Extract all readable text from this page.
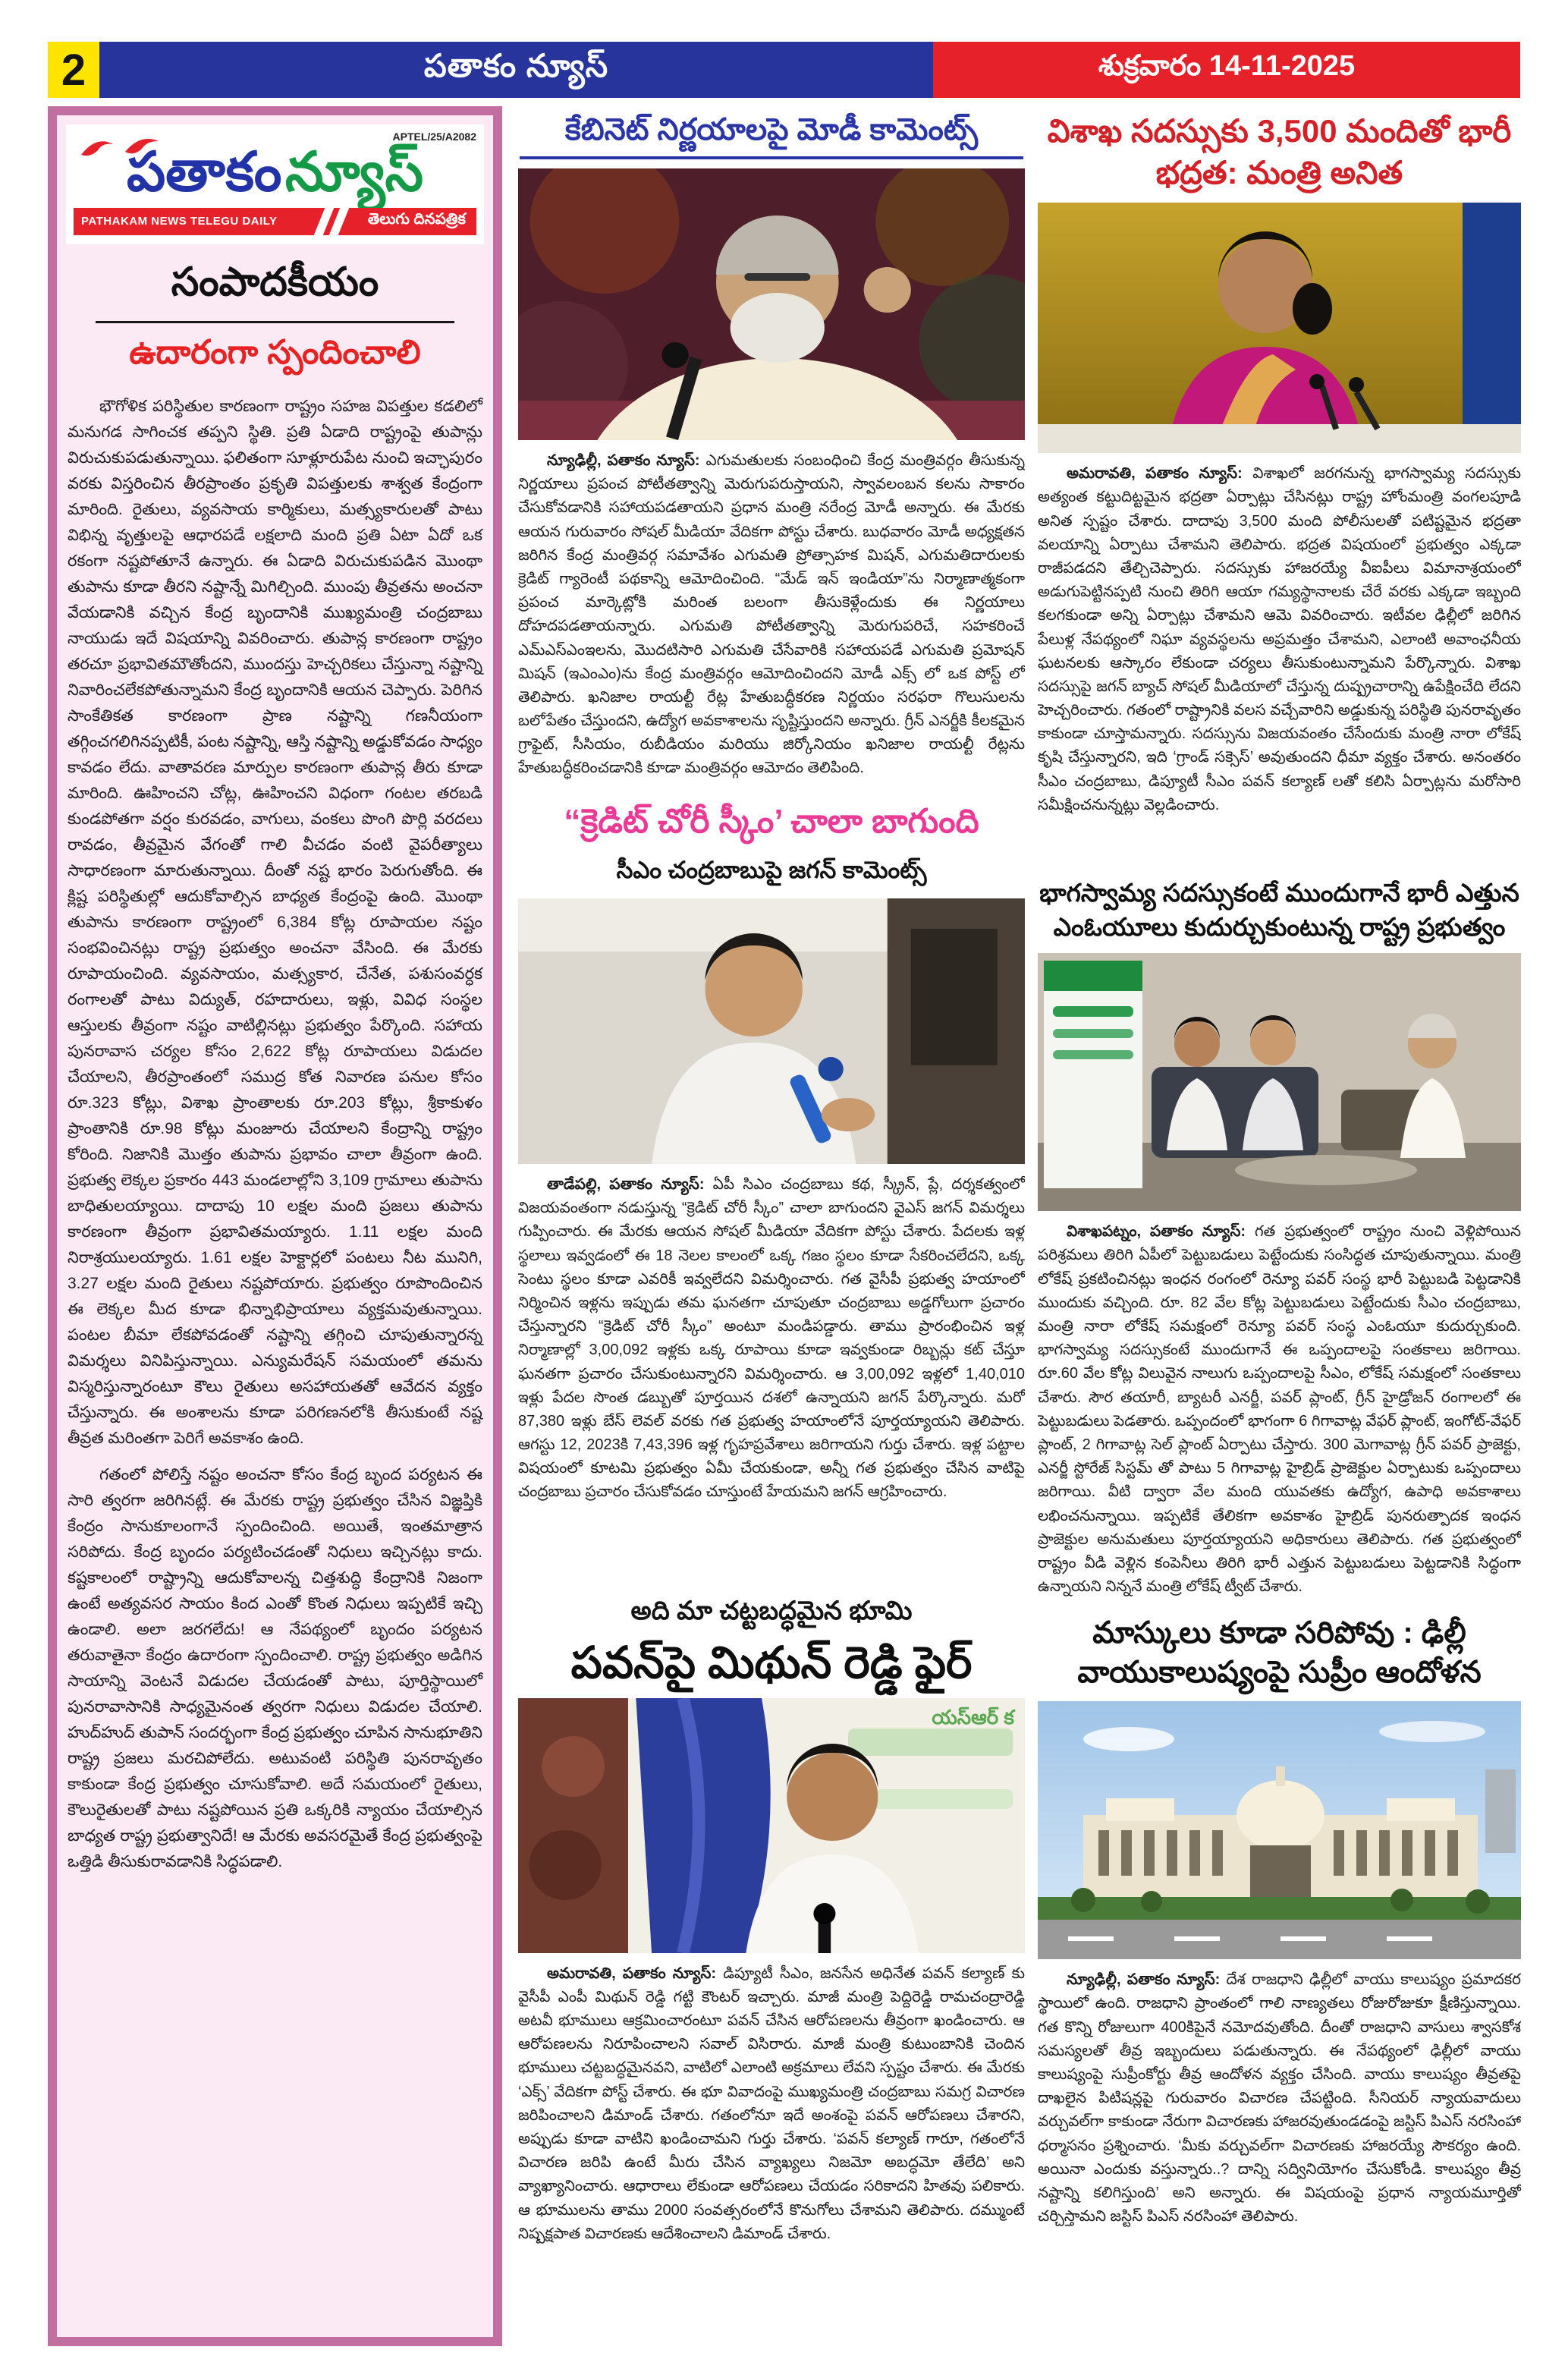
2	పతాకం న్యూస్	శుక్రవారం 14-11-2025
APTEL/25/A2082
పతాకం న్యూస్
PATHAKAM NEWS TELEGU DAILY	తెలుగు దినపత్రిక
సంపాదకీయం
ఉదారంగా స్పందించాలి

భౌగోళిక పరిస్థితుల కారణంగా రాష్ట్రం సహజ విపత్తుల కడలిలో మనుగడ సాగించక తప్పని స్థితి. ప్రతి ఏడాది రాష్ట్రంపై తుపాన్లు విరుచుకుపడుతున్నాయి. ఫలితంగా సూళ్లూరుపేట నుంచి ఇచ్ఛాపురం వరకు విస్తరించిన తీరప్రాంతం ప్రకృతి విపత్తులకు శాశ్వత కేంద్రంగా మారింది. రైతులు, వ్యవసాయ కార్మికులు, మత్స్యకారులతో పాటు విభిన్న వృత్తులపై ఆధారపడే లక్షలాది మంది ప్రతి ఏటా ఏదో ఒక రకంగా నష్టపోతూనే ఉన్నారు. ఈ ఏడాది విరుచుకుపడిన మొంథా తుపాను కూడా తీరని నష్టాన్నే మిగిల్చింది. ముంపు తీవ్రతను అంచనా వేయడానికి వచ్చిన కేంద్ర బృందానికి ముఖ్యమంత్రి చంద్రబాబు నాయుడు ఇదే విషయాన్ని వివరించారు. తుపాన్ల కారణంగా రాష్ట్రం తరచూ ప్రభావితమౌతోందని, ముందస్తు హెచ్చరికలు చేస్తున్నా నష్టాన్ని నివారించలేకపోతున్నామని కేంద్ర బృందానికి ఆయన చెప్పారు. పెరిగిన సాంకేతికత కారణంగా ప్రాణ నష్టాన్ని గణనీయంగా తగ్గించగలిగినప్పటికీ, పంట నష్టాన్ని, ఆస్తి నష్టాన్ని అడ్డుకోవడం సాధ్యం కావడం లేదు. వాతావరణ మార్పుల కారణంగా తుపాన్ల తీరు కూడా మారింది. ఊహించని చోట్ల, ఊహించని విధంగా గంటల తరబడి కుండపోతగా వర్షం కురవడం, వాగులు, వంకలు పొంగి పొర్లి వరదలు రావడం, తీవ్రమైన వేగంతో గాలి వీచడం వంటి వైపరీత్యాలు సాధారణంగా మారుతున్నాయి. దీంతో నష్ట భారం పెరుగుతోంది. ఈ క్లిష్ట పరిస్థితుల్లో ఆదుకోవాల్సిన బాధ్యత కేంద్రంపై ఉంది. మొంథా తుపాను కారణంగా రాష్ట్రంలో 6,384 కోట్ల రూపాయల నష్టం సంభవించినట్లు రాష్ట్ర ప్రభుత్వం అంచనా వేసింది. ఈ మేరకు రూపాయంచింది. వ్యవసాయం, మత్స్యకార, చేనేత, పశుసంవర్ధక రంగాలతో పాటు విద్యుత్, రహదారులు, ఇళ్లు, వివిధ సంస్థల ఆస్తులకు తీవ్రంగా నష్టం వాటిల్లినట్లు ప్రభుత్వం పేర్కొంది. సహాయ పునరావాస చర్యల కోసం 2,622 కోట్ల రూపాయలు విడుదల చేయాలని, తీరప్రాంతంలో సముద్ర కోత నివారణ పనుల కోసం రూ.323 కోట్లు, విశాఖ ప్రాంతాలకు రూ.203 కోట్లు, శ్రీకాకుళం ప్రాంతానికి రూ.98 కోట్లు మంజూరు చేయాలని కేంద్రాన్ని రాష్ట్రం కోరింది. నిజానికి మొత్తం తుపాను ప్రభావం చాలా తీవ్రంగా ఉంది. ప్రభుత్వ లెక్కల ప్రకారం 443 మండలాల్లోని 3,109 గ్రామాలు తుపాను బాధితులయ్యాయి. దాదాపు 10 లక్షల మంది ప్రజలు తుపాను కారణంగా తీవ్రంగా ప్రభావితమయ్యారు. 1.11 లక్షల మంది నిరాశ్రయులయ్యారు. 1.61 లక్షల హెక్టార్లలో పంటలు నీట మునిగి, 3.27 లక్షల మంది రైతులు నష్టపోయారు. ప్రభుత్వం రూపొందించిన ఈ లెక్కల మీద కూడా భిన్నాభిప్రాయాలు వ్యక్తమవుతున్నాయి. పంటల బీమా లేకపోవడంతో నష్టాన్ని తగ్గించి చూపుతున్నారన్న విమర్శలు వినిపిస్తున్నాయి. ఎన్యుమరేషన్ సమయంలో తమను విస్మరిస్తున్నారంటూ కౌలు రైతులు అసహాయతతో ఆవేదన వ్యక్తం చేస్తున్నారు. ఈ అంశాలను కూడా పరిగణనలోకి తీసుకుంటే నష్ట తీవ్రత మరింతగా పెరిగే అవకాశం ఉంది.

గతంలో పోలిస్తే నష్టం అంచనా కోసం కేంద్ర బృంద పర్యటన ఈ సారి త్వరగా జరిగినట్లే. ఈ మేరకు రాష్ట్ర ప్రభుత్వం చేసిన విజ్ఞప్తికి కేంద్రం సానుకూలంగానే స్పందించింది. అయితే, ఇంతమాత్రాన సరిపోదు. కేంద్ర బృందం పర్యటించడంతో నిధులు ఇచ్చినట్లు కాదు. కష్టకాలంలో రాష్ట్రాన్ని ఆదుకోవాలన్న చిత్తశుద్ధి కేంద్రానికి నిజంగా ఉంటే అత్యవసర సాయం కింద ఎంతో కొంత నిధులు ఇప్పటికే ఇచ్చి ఉండాలి. అలా జరగలేదు! ఆ నేపథ్యంలో బృందం పర్యటన తరువాతైనా కేంద్రం ఉదారంగా స్పందించాలి. రాష్ట్ర ప్రభుత్వం అడిగిన సాయాన్ని వెంటనే విడుదల చేయడంతో పాటు, పూర్తిస్థాయిలో పునరావాసానికి సాధ్యమైనంత త్వరగా నిధులు విడుదల చేయాలి. హుద్‌హుద్ తుపాన్ సందర్భంగా కేంద్ర ప్రభుత్వం చూపిన సానుభూతిని రాష్ట్ర ప్రజలు మరచిపోలేదు. అటువంటి పరిస్థితి పునరావృతం కాకుండా కేంద్ర ప్రభుత్వం చూసుకోవాలి. అదే సమయంలో రైతులు, కౌలురైతులతో పాటు నష్టపోయిన ప్రతి ఒక్కరికి న్యాయం చేయాల్సిన బాధ్యత రాష్ట్ర ప్రభుత్వానిదే! ఆ మేరకు అవసరమైతే కేంద్ర ప్రభుత్వంపై ఒత్తిడి తీసుకురావడానికి సిద్ధపడాలి.

కేబినెట్ నిర్ణయాలపై మోడీ కామెంట్స్
న్యూఢిల్లీ, పతాకం న్యూస్: ఎగుమతులకు సంబంధించి కేంద్ర మంత్రివర్గం తీసుకున్న నిర్ణయాలు ప్రపంచ పోటీతత్వాన్ని మెరుగుపరుస్తాయని, స్వావలంబన కలను సాకారం చేసుకోవడానికి సహాయపడతాయని ప్రధాన మంత్రి నరేంద్ర మోడీ అన్నారు. ఈ మేరకు ఆయన గురువారం సోషల్ మీడియా వేదికగా పోస్టు చేశారు. బుధవారం మోడీ అధ్యక్షతన జరిగిన కేంద్ర మంత్రివర్గ సమావేశం ఎగుమతి ప్రోత్సాహక మిషన్, ఎగుమతిదారులకు క్రెడిట్ గ్యారెంటీ పథకాన్ని ఆమోదించింది. “మేడ్ ఇన్ ఇండియా”ను నిర్మాణాత్మకంగా ప్రపంచ మార్కెట్లోకి మరింత బలంగా తీసుకెళ్లేందుకు ఈ నిర్ణయాలు దోహదపడతాయన్నారు. ఎగుమతి పోటీతత్వాన్ని మెరుగుపరిచే, సహకరించే ఎమ్ఎస్ఎంఇలను, మొదటిసారి ఎగుమతి చేసేవారికి సహాయపడే ఎగుమతి ప్రమోషన్ మిషన్ (ఇఎంఎం)ను కేంద్ర మంత్రివర్గం ఆమోదించిందని మోడీ ఎక్స్ లో ఒక పోస్ట్ లో తెలిపారు. ఖనిజాల రాయల్టీ రేట్ల హేతుబద్ధీకరణ నిర్ణయం సరఫరా గొలుసులను బలోపేతం చేస్తుందని, ఉద్యోగ అవకాశాలను సృష్టిస్తుందని అన్నారు. గ్రీన్ ఎనర్జీకి కీలకమైన గ్రాఫైట్, సీసియం, రుబీడియం మరియు జిర్కోనియం ఖనిజాల రాయల్టీ రేట్లను హేతుబద్ధీకరించడానికి కూడా మంత్రివర్గం ఆమోదం తెలిపింది.
“క్రెడిట్ చోరీ స్కీం’ చాలా బాగుంది
సీఎం చంద్రబాబుపై జగన్ కామెంట్స్
తాడేపల్లి, పతాకం న్యూస్: ఏపీ సిఎం చంద్రబాబు కథ, స్క్రీన్, ప్లే, దర్శకత్వంలో విజయవంతంగా నడుస్తున్న “క్రెడిట్ చోరీ స్కీం” చాలా బాగుందని వైఎస్ జగన్ విమర్శలు గుప్పించారు. ఈ మేరకు ఆయన సోషల్ మీడియా వేదికగా పోస్టు చేశారు. పేదలకు ఇళ్ల స్థలాలు ఇవ్వడంలో ఈ 18 నెలల కాలంలో ఒక్క గజం స్థలం కూడా సేకరించలేదని, ఒక్క సెంటు స్థలం కూడా ఎవరికీ ఇవ్వలేదని విమర్శించారు. గత వైసీపీ ప్రభుత్వ హయాంలో నిర్మించిన ఇళ్లను ఇప్పుడు తమ ఘనతగా చూపుతూ చంద్రబాబు అడ్డగోలుగా ప్రచారం చేస్తున్నారని “క్రెడిట్ చోరీ స్కీం” అంటూ మండిపడ్డారు. తాము ప్రారంభించిన ఇళ్ల నిర్మాణాల్లో 3,00,092 ఇళ్లకు ఒక్క రూపాయి కూడా ఇవ్వకుండా రిబ్బన్లు కట్ చేస్తూ ఘనతగా ప్రచారం చేసుకుంటున్నారని విమర్శించారు. ఆ 3,00,092 ఇళ్లలో 1,40,010 ఇళ్లు పేదల సొంత డబ్బుతో పూర్తయిన దశలో ఉన్నాయని జగన్ పేర్కొన్నారు. మరో 87,380 ఇళ్లు బేస్ లెవల్ వరకు గత ప్రభుత్వ హయాంలోనే పూర్తయ్యాయని తెలిపారు. ఆగస్టు 12, 2023కి 7,43,396 ఇళ్ల గృహప్రవేశాలు జరిగాయని గుర్తు చేశారు. ఇళ్ల పట్టాల విషయంలో కూటమి ప్రభుత్వం ఏమీ చేయకుండా, అన్నీ గత ప్రభుత్వం చేసిన వాటిపై చంద్రబాబు ప్రచారం చేసుకోవడం చూస్తుంటే హేయమని జగన్ ఆగ్రహించారు.
అది మా చట్టబద్ధమైన భూమి
పవన్‌పై మిథున్ రెడ్డి ఫైర్
యస్ఆర్ క
అమరావతి, పతాకం న్యూస్: డిప్యూటీ సీఎం, జనసేన అధినేత పవన్ కల్యాణ్ కు వైసీపీ ఎంపీ మిథున్ రెడ్డి గట్టి కౌంటర్ ఇచ్చారు. మాజీ మంత్రి పెద్దిరెడ్డి రామచంద్రారెడ్డి అటవీ భూములు ఆక్రమించారంటూ పవన్ చేసిన ఆరోపణలను తీవ్రంగా ఖండించారు. ఆ ఆరోపణలను నిరూపించాలని సవాల్ విసిరారు. మాజీ మంత్రి కుటుంబానికి చెందిన భూములు చట్టబద్ధమైనవని, వాటిలో ఎలాంటి అక్రమాలు లేవని స్పష్టం చేశారు. ఈ మేరకు ‘ఎక్స్’ వేదికగా పోస్ట్ చేశారు. ఈ భూ వివాదంపై ముఖ్యమంత్రి చంద్రబాబు సమగ్ర విచారణ జరిపించాలని డిమాండ్ చేశారు. గతంలోనూ ఇదే అంశంపై పవన్ ఆరోపణలు చేశారని, అప్పుడు కూడా వాటిని ఖండించామని గుర్తు చేశారు. ‘పవన్ కల్యాణ్ గారూ, గతంలోనే విచారణ జరిపి ఉంటే మీరు చేసిన వ్యాఖ్యలు నిజమో అబద్ధమో తేలేది’ అని వ్యాఖ్యానించారు. ఆధారాలు లేకుండా ఆరోపణలు చేయడం సరికాదని హితవు పలికారు. ఆ భూములను తాము 2000 సంవత్సరంలోనే కొనుగోలు చేశామని తెలిపారు. దమ్ముంటే నిష్పక్షపాత విచారణకు ఆదేశించాలని డిమాండ్ చేశారు.
విశాఖ సదస్సుకు 3,500 మందితో భారీ భద్రత: మంత్రి అనిత
అమరావతి, పతాకం న్యూస్: విశాఖలో జరగనున్న భాగస్వామ్య సదస్సుకు అత్యంత కట్టుదిట్టమైన భద్రతా ఏర్పాట్లు చేసినట్లు రాష్ట్ర హోంమంత్రి వంగలపూడి అనిత స్పష్టం చేశారు. దాదాపు 3,500 మంది పోలీసులతో పటిష్టమైన భద్రతా వలయాన్ని ఏర్పాటు చేశామని తెలిపారు. భద్రత విషయంలో ప్రభుత్వం ఎక్కడా రాజీపడదని తేల్చిచెప్పారు. సదస్సుకు హాజరయ్యే వీఐపీలు విమానాశ్రయంలో అడుగుపెట్టినప్పటి నుంచి తిరిగి ఆయా గమ్యస్థానాలకు చేరే వరకు ఎక్కడా ఇబ్బంది కలగకుండా అన్ని ఏర్పాట్లు చేశామని ఆమె వివరించారు. ఇటీవల ఢిల్లీలో జరిగిన పేలుళ్ల నేపథ్యంలో నిఘా వ్యవస్థలను అప్రమత్తం చేశామని, ఎలాంటి అవాంఛనీయ ఘటనలకు ఆస్కారం లేకుండా చర్యలు తీసుకుంటున్నామని పేర్కొన్నారు. విశాఖ సదస్సుపై జగన్ బ్యాచ్ సోషల్ మీడియాలో చేస్తున్న దుష్ప్రచారాన్ని ఉపేక్షించేది లేదని హెచ్చరించారు. గతంలో రాష్ట్రానికి వలస వచ్చేవారిని అడ్డుకున్న పరిస్థితి పునరావృతం కాకుండా చూస్తామన్నారు. సదస్సును విజయవంతం చేసేందుకు మంత్రి నారా లోకేష్ కృషి చేస్తున్నారని, ఇది ‘గ్రాండ్ సక్సెస్’ అవుతుందని ధీమా వ్యక్తం చేశారు. అనంతరం సీఎం చంద్రబాబు, డిప్యూటీ సీఎం పవన్ కల్యాణ్ లతో కలిసి ఏర్పాట్లను మరోసారి సమీక్షించనున్నట్లు వెల్లడించారు.
భాగస్వామ్య సదస్సుకంటే ముందుగానే భారీ ఎత్తున ఎంఓయూలు కుదుర్చుకుంటున్న రాష్ట్ర ప్రభుత్వం
విశాఖపట్నం, పతాకం న్యూస్: గత ప్రభుత్వంలో రాష్ట్రం నుంచి వెళ్లిపోయిన పరిశ్రమలు తిరిగి ఏపీలో పెట్టుబడులు పెట్టేందుకు సంసిద్ధత చూపుతున్నాయి. మంత్రి లోకేష్ ప్రకటించినట్లు ఇంధన రంగంలో రెన్యూ పవర్ సంస్థ భారీ పెట్టుబడి పెట్టడానికి ముందుకు వచ్చింది. రూ. 82 వేల కోట్ల పెట్టుబడులు పెట్టేందుకు సీఎం చంద్రబాబు, మంత్రి నారా లోకేష్ సమక్షంలో రెన్యూ పవర్ సంస్థ ఎంఓయూ కుదుర్చుకుంది. భాగస్వామ్య సదస్సుకంటే ముందుగానే ఈ ఒప్పందాలపై సంతకాలు జరిగాయి. రూ.60 వేల కోట్ల విలువైన నాలుగు ఒప్పందాలపై సీఎం, లోకేష్ సమక్షంలో సంతకాలు చేశారు. సౌర తయారీ, బ్యాటరీ ఎనర్జీ, పవర్ ప్లాంట్, గ్రీన్ హైడ్రోజన్ రంగాలలో ఈ పెట్టుబడులు పెడతారు. ఒప్పందంలో భాగంగా 6 గిగావాట్ల వేఫర్ ప్లాంట్, ఇంగోట్-వేఫర్ ప్లాంట్, 2 గిగావాట్ల సెల్ ప్లాంట్ ఏర్పాటు చేస్తారు. 300 మెగావాట్ల గ్రీన్ పవర్ ప్రాజెక్టు, ఎనర్జీ స్టోరేజ్ సిస్టమ్ తో పాటు 5 గిగావాట్ల హైబ్రిడ్ ప్రాజెక్టుల ఏర్పాటుకు ఒప్పందాలు జరిగాయి. వీటి ద్వారా వేల మంది యువతకు ఉద్యోగ, ఉపాధి అవకాశాలు లభించనున్నాయి. ఇప్పటికే తేలికగా అవకాశం హైబ్రిడ్ పునరుత్పాదక ఇంధన ప్రాజెక్టుల అనుమతులు పూర్తయ్యాయని అధికారులు తెలిపారు. గత ప్రభుత్వంలో రాష్ట్రం వీడి వెళ్లిన కంపెనీలు తిరిగి భారీ ఎత్తున పెట్టుబడులు పెట్టడానికి సిద్ధంగా ఉన్నాయని నిన్ననే మంత్రి లోకేష్ ట్వీట్ చేశారు.
మాస్కులు కూడా సరిపోవు : ఢిల్లీ వాయుకాలుష్యంపై సుప్రీం ఆందోళన
న్యూఢిల్లీ, పతాకం న్యూస్: దేశ రాజధాని ఢిల్లీలో వాయు కాలుష్యం ప్రమాదకర స్థాయిలో ఉంది. రాజధాని ప్రాంతంలో గాలి నాణ్యతలు రోజురోజుకూ క్షీణిస్తున్నాయి. గత కొన్ని రోజులుగా 400కిపైనే నమోదవుతోంది. దీంతో రాజధాని వాసులు శ్వాసకోశ సమస్యలతో తీవ్ర ఇబ్బందులు పడుతున్నారు. ఈ నేపథ్యంలో ఢిల్లీలో వాయు కాలుష్యంపై సుప్రీంకోర్టు తీవ్ర ఆందోళన వ్యక్తం చేసింది. వాయు కాలుష్యం తీవ్రతపై దాఖలైన పిటిషన్లపై గురువారం విచారణ చేపట్టింది. సీనియర్ న్యాయవాదులు వర్చువల్‌గా కాకుండా నేరుగా విచారణకు హాజరవుతుండడంపై జస్టిస్ పిఎస్ నరసింహా ధర్మాసనం ప్రశ్నించారు. ‘మీకు వర్చువల్‌గా విచారణకు హాజరయ్యే సౌకర్యం ఉంది. అయినా ఎందుకు వస్తున్నారు..? దాన్ని సద్వినియోగం చేసుకోండి. కాలుష్యం తీవ్ర నష్టాన్ని కలిగిస్తుంది’ అని అన్నారు. ఈ విషయంపై ప్రధాన న్యాయమూర్తితో చర్చిస్తామని జస్టిస్ పిఎస్ నరసింహా తెలిపారు.
